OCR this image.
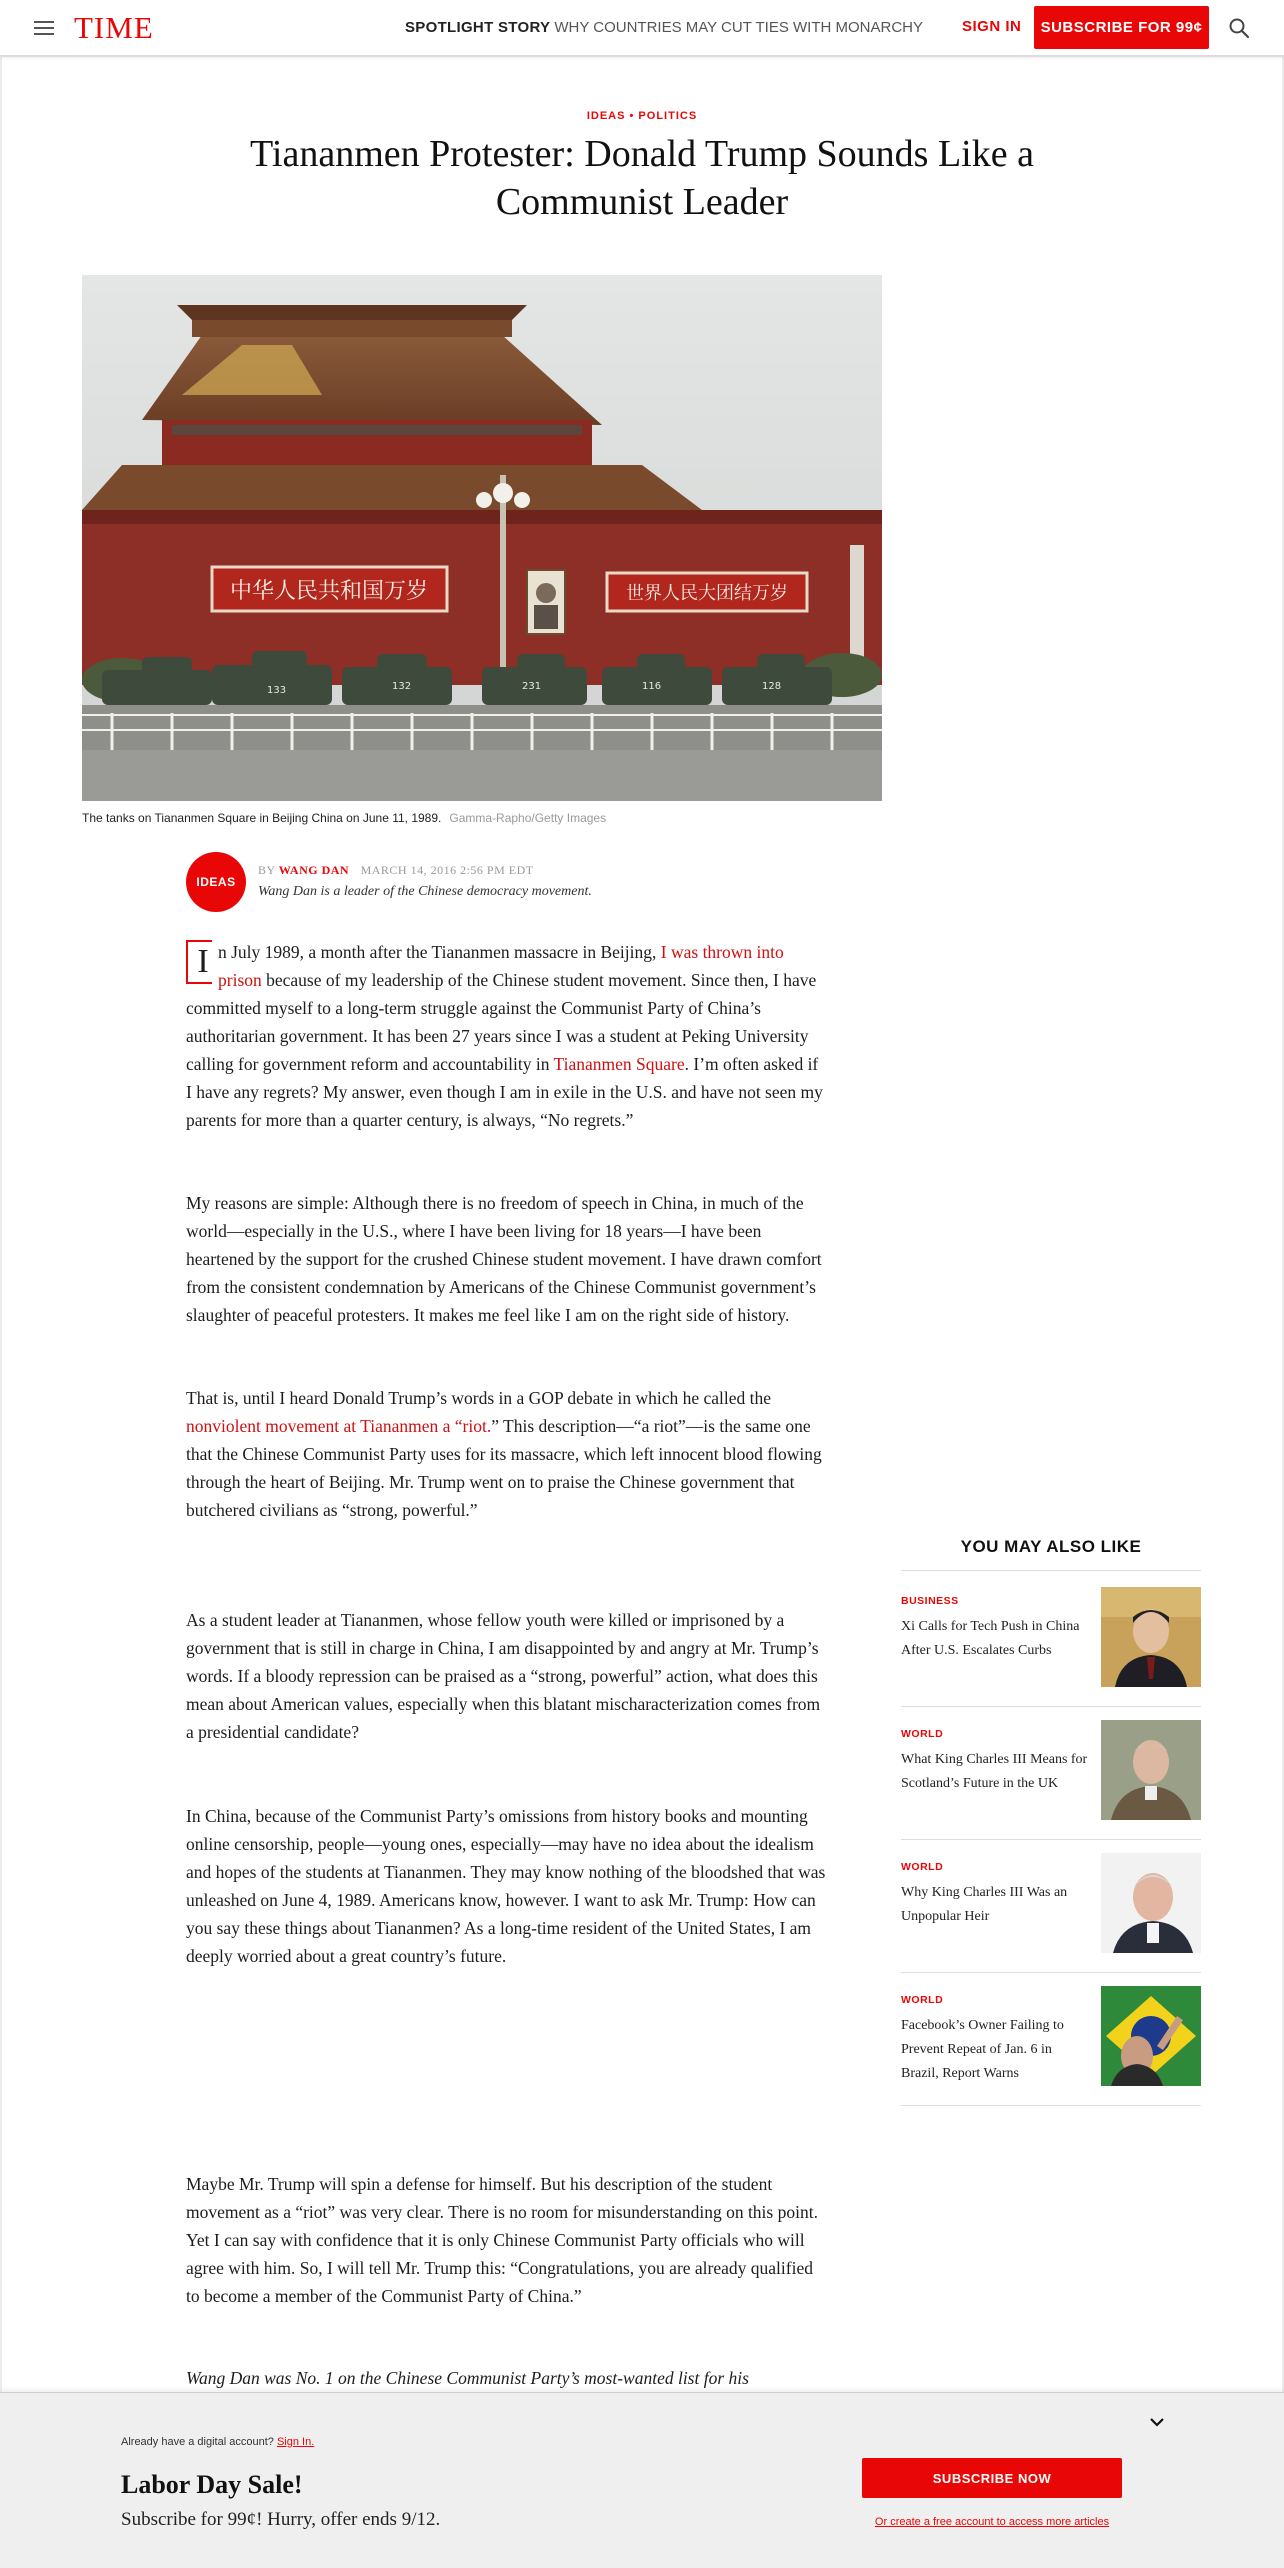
TIME	SPOTLIGHT STORY WHY COUNTRIES MAY CUT TIES WITH MONARCHY	SIGN IN	SUBSCRIBE FOR 99¢
IDEAS • POLITICS
Tiananmen Protester: Donald Trump Sounds Like a Communist Leader
中华人民共和国万岁	世界人民大团结万岁
133	132	231	116	128
The tanks on Tiananmen Square in Beijing China on June 11, 1989. Gamma-Rapho/Getty Images
IDEAS
BY WANG DAN MARCH 14, 2016 2:56 PM EDT
Wang Dan is a leader of the Chinese democracy movement.
I n July 1989, a month after the Tiananmen massacre in Beijing, I was thrown into prison because of my leadership of the Chinese student movement. Since then, I have committed myself to a long-term struggle against the Communist Party of China’s authoritarian government. It has been 27 years since I was a student at Peking University calling for government reform and accountability in Tiananmen Square. I’m often asked if I have any regrets? My answer, even though I am in exile in the U.S. and have not seen my parents for more than a quarter century, is always, “No regrets.”

My reasons are simple: Although there is no freedom of speech in China, in much of the world—especially in the U.S., where I have been living for 18 years—I have been heartened by the support for the crushed Chinese student movement. I have drawn comfort from the consistent condemnation by Americans of the Chinese Communist government’s slaughter of peaceful protesters. It makes me feel like I am on the right side of history.

That is, until I heard Donald Trump’s words in a GOP debate in which he called the nonviolent movement at Tiananmen a “riot.” This description—“a riot”—is the same one that the Chinese Communist Party uses for its massacre, which left innocent blood flowing through the heart of Beijing. Mr. Trump went on to praise the Chinese government that butchered civilians as “strong, powerful.”

As a student leader at Tiananmen, whose fellow youth were killed or imprisoned by a government that is still in charge in China, I am disappointed by and angry at Mr. Trump’s words. If a bloody repression can be praised as a “strong, powerful” action, what does this mean about American values, especially when this blatant mischaracterization comes from a presidential candidate?

In China, because of the Communist Party’s omissions from history books and mounting online censorship, people—young ones, especially—may have no idea about the idealism and hopes of the students at Tiananmen. They may know nothing of the bloodshed that was unleashed on June 4, 1989. Americans know, however. I want to ask Mr. Trump: How can you say these things about Tiananmen? As a long-time resident of the United States, I am deeply worried about a great country’s future.

Maybe Mr. Trump will spin a defense for himself. But his description of the student movement as a “riot” was very clear. There is no room for misunderstanding on this point. Yet I can say with confidence that it is only Chinese Communist Party officials who will agree with him. So, I will tell Mr. Trump this: “Congratulations, you are already qualified to become a member of the Communist Party of China.”

Wang Dan was No. 1 on the Chinese Communist Party’s most-wanted list for his

YOU MAY ALSO LIKE
BUSINESS
Xi Calls for Tech Push in China After U.S. Escalates Curbs
WORLD
What King Charles III Means for Scotland’s Future in the UK
WORLD
Why King Charles III Was an Unpopular Heir
WORLD
Facebook’s Owner Failing to Prevent Repeat of Jan. 6 in Brazil, Report Warns
Already have a digital account? Sign In.
Labor Day Sale!
Subscribe for 99¢! Hurry, offer ends 9/12.
SUBSCRIBE NOW
Or create a free account to access more articles
